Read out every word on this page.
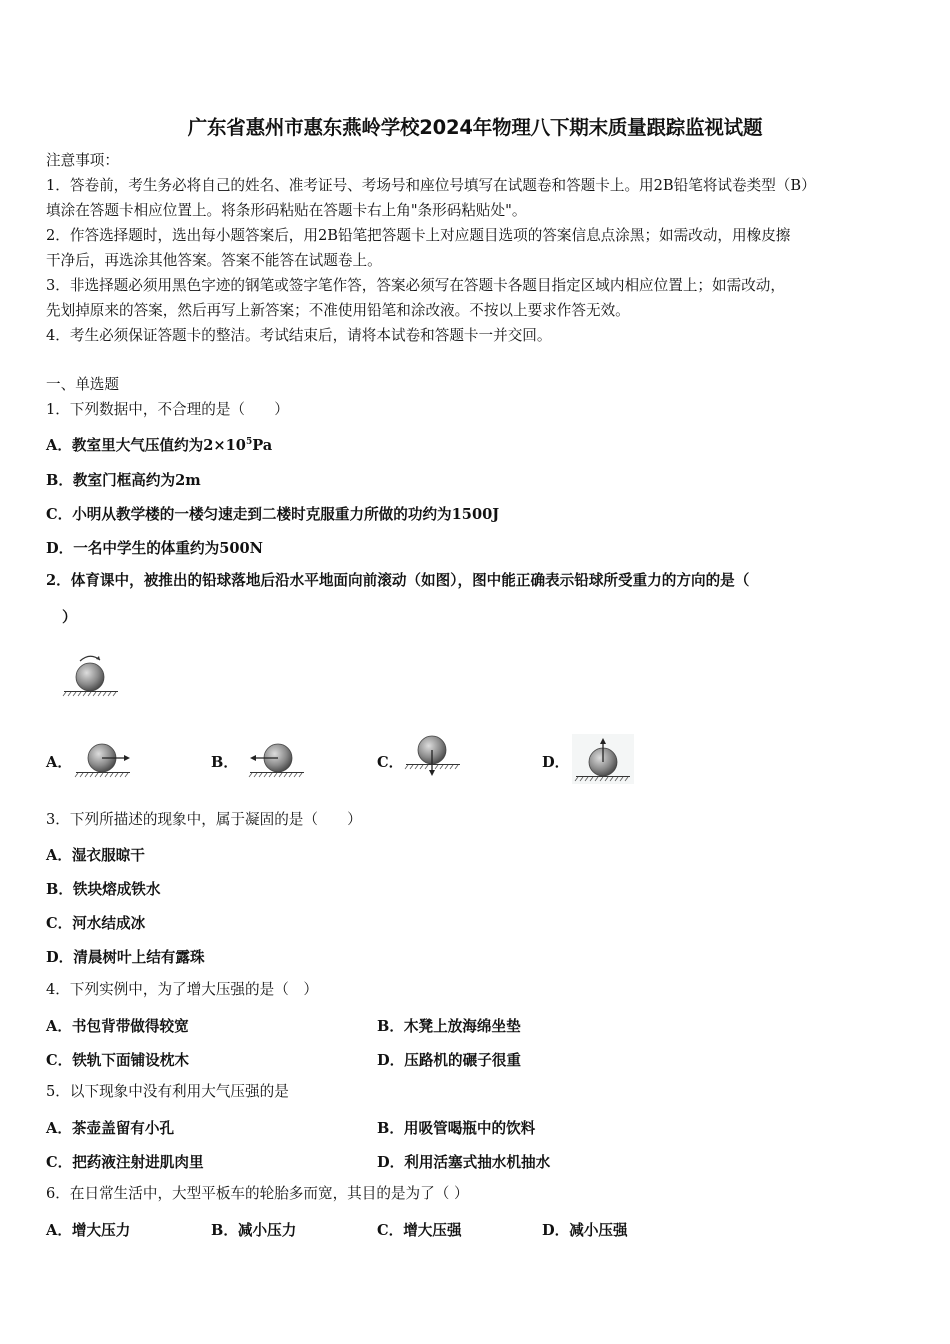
广东省惠州市惠东燕岭学校2024年物理八下期末质量跟踪监视试题
注意事项：
1．答卷前，考生务必将自己的姓名、准考证号、考场号和座位号填写在试题卷和答题卡上。用2B铅笔将试卷类型（B）
填涂在答题卡相应位置上。将条形码粘贴在答题卡右上角"条形码粘贴处"。
2．作答选择题时，选出每小题答案后，用2B铅笔把答题卡上对应题目选项的答案信息点涂黑；如需改动，用橡皮擦
干净后，再选涂其他答案。答案不能答在试题卷上。
3．非选择题必须用黑色字迹的钢笔或签字笔作答，答案必须写在答题卡各题目指定区域内相应位置上；如需改动，
先划掉原来的答案，然后再写上新答案；不准使用铅笔和涂改液。不按以上要求作答无效。
4．考生必须保证答题卡的整洁。考试结束后，请将本试卷和答题卡一并交回。
一、单选题
1．下列数据中，不合理的是（　　）
A．教室里大气压值约为$2\times 10^5Pa$
B．教室门框高约为2m
C．小明从教学楼的一楼匀速走到二楼时克服重力所做的功约为1500J
D．一名中学生的体重约为500N
2．体育课中，被推出的铅球落地后沿水平地面向前滚动（如图），图中能正确表示铅球所受重力的方向的是（
）
A．	B．	C．	D．
3．下列所描述的现象中，属于凝固的是（　　）
A．湿衣服晾干
B．铁块熔成铁水
C．河水结成冰
D．清晨树叶上结有露珠
4．下列实例中，为了增大压强的是（　）
A．书包背带做得较宽	B．木凳上放海绵坐垫
C．铁轨下面铺设枕木	D．压路机的碾子很重
5．以下现象中没有利用大气压强的是
A．茶壶盖留有小孔	B．用吸管喝瓶中的饮料
C．把药液注射进肌肉里	D．利用活塞式抽水机抽水
6．在日常生活中，大型平板车的轮胎多而宽，其目的是为了（ ）
A．增大压力	B．减小压力	C．增大压强	D．减小压强
